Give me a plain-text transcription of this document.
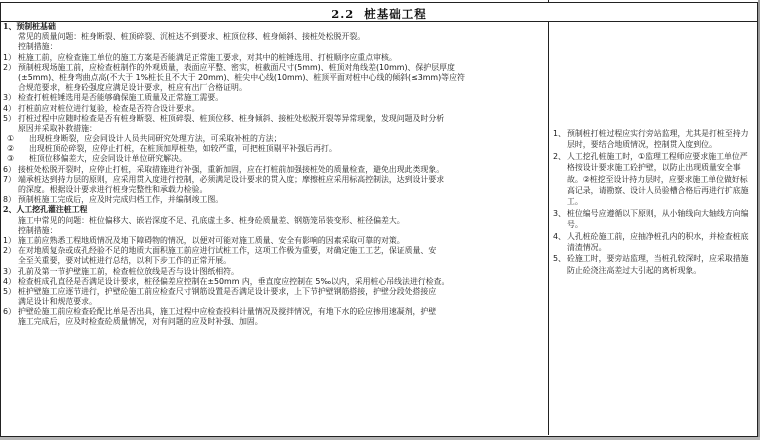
2.2 桩基础工程
1、预制桩基础
常见的质量问题：桩身断裂、桩顶碎裂、沉桩达不到要求、桩顶位移、桩身倾斜、接桩处松脱开裂。
控制措施：
1） 桩施工前，应检查施工单位的施工方案是否能满足正常施工要求，对其中的桩锤选用、打桩顺序应重点审核。
2） 预制桩现场施工前，应检查桩制作的外观质量，表面应平整、密实，桩截面尺寸(5mm)、桩顶对角线差(10mm)、保护层厚度
(±5mm)、桩身弯曲点高(不大于 1%桩长且不大于 20mm)、桩尖中心线(10mm)、桩顶平面对桩中心线的倾斜(≤3mm)等应符
合规范要求，桩身砼强度应满足设计要求，桩应有出厂合格证明。
3） 检查打桩桩锤选用是否能够确保施工质量及正常施工需要。
4） 打桩前应对桩位进行复验，检查是否符合设计要求。
5） 打桩过程中应随时检查是否有桩身断裂、桩顶碎裂、桩顶位移、桩身倾斜、接桩处松脱开裂等异常现象，发现问题及时分析
原因并采取补救措施：
① 出现桩身断裂，应会同设计人员共同研究处理方法，可采取补桩的方法；
② 出现桩顶砼碎裂，应停止打桩，在桩顶加厚桩垫，如较严重，可把桩顶剔平补强后再打。
③ 桩顶位移偏差大，应会同设计单位研究解决。
6） 接桩处松脱开裂时，应停止打桩，采取措施进行补强，重新加固，应在打桩前加强接桩处的质量检查，避免出现此类现象。
7） 端承桩达到持力层的原则，应采用贯入度进行控制，必须满足设计要求的贯入度；摩擦桩应采用标高控制法，达到设计要求
的深度。根据设计要求进行桩身完整性和承载力检验。
8） 预制桩施工完成后，应及时完成归档工作，并编制竣工图。
2、人工挖孔灌注桩工程
施工中常见的问题：桩位偏移大、嵌岩深度不足、孔底虚土多、桩身砼质量差、钢筋笼吊装变形、桩径偏差大。
控制措施：
1） 施工前应熟悉工程地质情况及地下障碍物的情况，以便对可能对施工质量、安全有影响的因素采取可靠的对策。
2） 在对地质复杂或成孔经验不足的地质大面积施工前应进行试桩工作，这项工作极为重要，对确定施工工艺，保证质量、安
全至关重要，要对试桩进行总结，以利下步工作的正常开展。
3） 孔前及第一节护壁施工前，检查桩位放线是否与设计图纸相符。
4） 检查桩成孔直径是否满足设计要求，桩径偏差应控制在±50mm 内，垂直度应控制在 5‰以内，采用桩心吊线法进行检查。
5） 桩护壁施工应逐节进行，护壁砼施工前应检查尺寸钢筋设置是否满足设计要求，上下节护壁钢筋搭接，护壁分段处搭接应
满足设计和规范要求。
6） 护壁砼施工前应检查砼配比单是否出具，施工过程中应检查投料计量情况及搅拌情况，有地下水的砼应掺用速凝剂，护壁
施工完成后，应及时检查砼质量情况，对有问题的应及时补强、加固。
1、 预制桩打桩过程应实行旁站监理，尤其是打桩至持力层时，要结合地质情况，控制贯入度到位。
2、 人工挖孔桩施工时，①监理工程师应要求施工单位严格按设计要求施工砼护壁，以防止出现质量安全事故。②桩挖至设计持力层时，应要求施工单位做好标高记录，请勘察、设计人员验槽合格后再进行扩底施工。
3、 桩位编号应遵循以下原则，从小轴线向大轴线方向编号。
4、 人孔桩砼施工前，应抽净桩孔内的积水，并检查桩底清渣情况。
5、 砼施工时，要旁站监理，当桩孔较深时，应采取措施防止砼浇注高差过大引起的离析现象。
